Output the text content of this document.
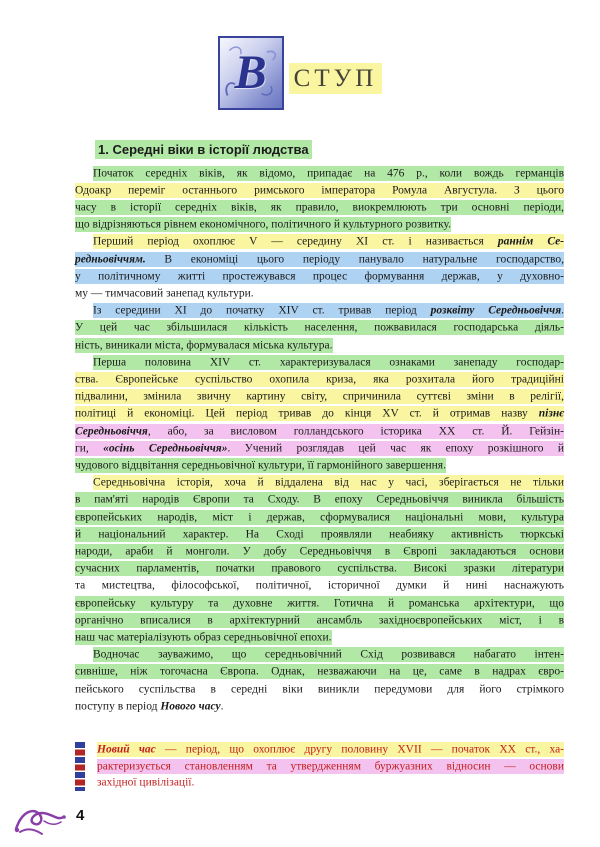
В СТУП
1. Середні віки в історії людства
Початок середніх віків, як відомо, припадає на 476 р., коли вождь германців
Одоакр переміг останнього римського імператора Ромула Августула. З цього
часу в історії середніх віків, як правило, виокремлюють три основні періоди,
що відрізняються рівнем економічного, політичного й культурного розвитку.
Перший період охоплює V — середину XI ст. і називається раннім Се-
редньовіччям. В економіці цього періоду панувало натуральне господарство,
у політичному житті простежувався процес формування держав, у духовно-
му — тимчасовий занепад культури.
Із середини XI до початку XIV ст. тривав період розквіту Середньовіччя.
У цей час збільшилася кількість населення, пожвавилася господарська діяль-
ність, виникали міста, формувалася міська культура.
Перша половина XIV ст. характеризувалася ознаками занепаду господар-
ства. Європейське суспільство охопила криза, яка розхитала його традиційні
підвалини, змінила звичну картину світу, спричинила суттєві зміни в релігії,
політиці й економіці. Цей період тривав до кінця XV ст. й отримав назву пізнє
Середньовіччя, або, за висловом голландського історика XX ст. Й. Гейзін-
ги, «осінь Середньовіччя». Учений розглядав цей час як епоху розкішного й
чудового відцвітання середньовічної культури, її гармонійного завершення.
Середньовічна історія, хоча й віддалена від нас у часі, зберігається не тільки
в пам'яті народів Європи та Сходу. В епоху Середньовіччя виникла більшість
європейських народів, міст і держав, сформувалися національні мови, культура
й національний характер. На Сході проявляли неабияку активність тюркські
народи, араби й монголи. У добу Середньовіччя в Європі закладаються основи
сучасних парламентів, початки правового суспільства. Високі зразки літератури
та мистецтва, філософської, політичної, історичної думки й нині наснажують
європейську культуру та духовне життя. Готична й романська архітектури, що
органічно вписалися в архітектурний ансамбль західноєвропейських міст, і в
наш час матеріалізують образ середньовічної епохи.
Водночас зауважимо, що середньовічний Схід розвивався набагато інтен-
сивніше, ніж тогочасна Європа. Однак, незважаючи на це, саме в надрах євро-
пейського суспільства в середні віки виникли передумови для його стрімкого
поступу в період Нового часу.
Новий час — період, що охоплює другу половину XVII — початок XX ст., ха-
рактеризується становленням та утвердженням буржуазних відносин — основи
західної цивілізації.
4
